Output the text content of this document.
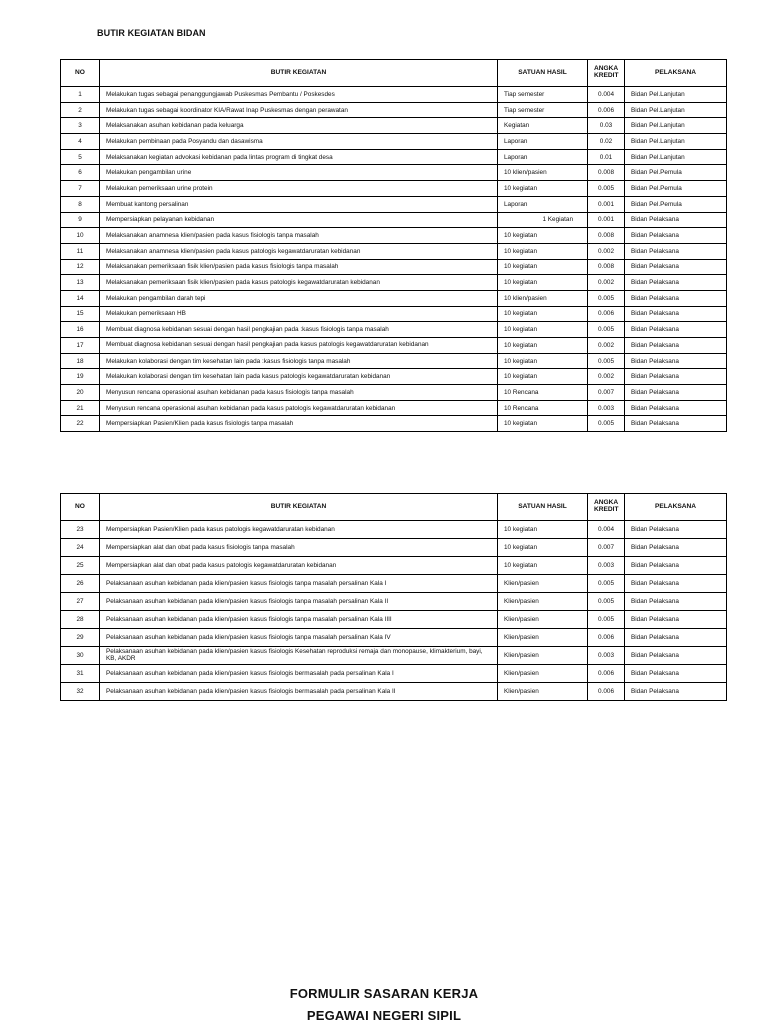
BUTIR KEGIATAN BIDAN
NO	BUTIR KEGIATAN	SATUAN HASIL	ANGKA KREDIT	PELAKSANA
1	Melakukan tugas sebagai penanggungjawab Puskesmas Pembantu / Poskesdes	Tiap semester	0.004	Bidan Pel.Lanjutan
2	Melakukan tugas sebagai koordinator KIA/Rawat Inap Puskesmas dengan perawatan	Tiap semester	0.006	Bidan Pel.Lanjutan
3	Melaksanakan asuhan kebidanan pada keluarga	Kegiatan	0.03	Bidan Pel.Lanjutan
4	Melakukan pembinaan pada Posyandu dan dasawisma	Laporan	0.02	Bidan Pel.Lanjutan
5	Melaksanakan kegiatan advokasi kebidanan pada lintas program di tingkat desa	Laporan	0.01	Bidan Pel.Lanjutan
6	Melakukan pengambilan urine	10 klien/pasien	0.008	Bidan Pel.Pemula
7	Melakukan pemeriksaan urine protein	10 kegiatan	0.005	Bidan Pel.Pemula
8	Membuat kantong persalinan	Laporan	0.001	Bidan Pel.Pemula
9	Mempersiapkan pelayanan kebidanan	1 Kegiatan	0.001	Bidan Pelaksana
10	Melaksanakan anamnesa klien/pasien pada kasus fisiologis tanpa masalah	10 kegiatan	0.008	Bidan Pelaksana
11	Melaksanakan anamnesa klien/pasien pada kasus patologis kegawatdaruratan kebidanan	10 kegiatan	0.002	Bidan Pelaksana
12	Melaksanakan pemeriksaan fisik klien/pasien pada kasus fisiologis tanpa masalah	10 kegiatan	0.008	Bidan Pelaksana
13	Melaksanakan pemeriksaan fisik klien/pasien pada kasus patologis kegawatdaruratan kebidanan	10 kegiatan	0.002	Bidan Pelaksana
14	Melakukan pengambilan darah tepi	10 klien/pasien	0.005	Bidan Pelaksana
15	Melakukan pemeriksaan HB	10 kegiatan	0.006	Bidan Pelaksana
16	Membuat diagnosa kebidanan sesuai dengan hasil pengkajian pada :kasus fisiologis tanpa masalah	10 kegiatan	0.005	Bidan Pelaksana
17	Membuat diagnosa kebidanan sesuai dengan hasil pengkajian pada kasus patologis kegawatdaruratan kebidanan	10 kegiatan	0.002	Bidan Pelaksana
18	Melakukan kolaborasi dengan tim kesehatan lain pada :kasus fisiologis tanpa masalah	10 kegiatan	0.005	Bidan Pelaksana
19	Melakukan kolaborasi dengan tim kesehatan lain pada kasus patologis kegawatdaruratan kebidanan	10 kegiatan	0.002	Bidan Pelaksana
20	Menyusun rencana operasional asuhan kebidanan pada kasus fisiologis tanpa masalah	10 Rencana	0.007	Bidan Pelaksana
21	Menyusun rencana operasional asuhan kebidanan pada kasus patologis kegawatdaruratan kebidanan	10 Rencana	0.003	Bidan Pelaksana
22	Mempersiapkan Pasien/Klien pada kasus fisiologis tanpa masalah	10 kegiatan	0.005	Bidan Pelaksana
NO	BUTIR KEGIATAN	SATUAN HASIL	ANGKA KREDIT	PELAKSANA
23	Mempersiapkan Pasien/Klien pada kasus patologis kegawatdaruratan kebidanan	10 kegiatan	0.004	Bidan Pelaksana
24	Mempersiapkan alat dan obat pada kasus fisiologis tanpa masalah	10 kegiatan	0.007	Bidan Pelaksana
25	Mempersiapkan alat dan obat pada kasus patologis kegawatdaruratan kebidanan	10 kegiatan	0.003	Bidan Pelaksana
26	Pelaksanaan asuhan kebidanan pada klien/pasien kasus fisiologis tanpa masalah persalinan Kala I	Klien/pasien	0.005	Bidan Pelaksana
27	Pelaksanaan asuhan kebidanan pada klien/pasien kasus fisiologis tanpa masalah persalinan Kala II	Klien/pasien	0.005	Bidan Pelaksana
28	Pelaksanaan asuhan kebidanan pada klien/pasien kasus fisiologis tanpa masalah persalinan Kala IIII	Klien/pasien	0.005	Bidan Pelaksana
29	Pelaksanaan asuhan kebidanan pada klien/pasien kasus fisiologis tanpa masalah persalinan Kala IV	Klien/pasien	0.006	Bidan Pelaksana
30	Pelaksanaan asuhan kebidanan pada klien/pasien kasus fisiologis Kesehatan reproduksi remaja dan monopause, klimakterium, bayi, KB, AKDR	Klien/pasien	0.003	Bidan Pelaksana
31	Pelaksanaan asuhan kebidanan pada klien/pasien kasus fisiologis bermasalah pada persalinan Kala I	Klien/pasien	0.006	Bidan Pelaksana
32	Pelaksanaan asuhan kebidanan pada klien/pasien kasus fisiologis bermasalah pada persalinan Kala II	Klien/pasien	0.006	Bidan Pelaksana
FORMULIR SASARAN KERJA
PEGAWAI NEGERI SIPIL
